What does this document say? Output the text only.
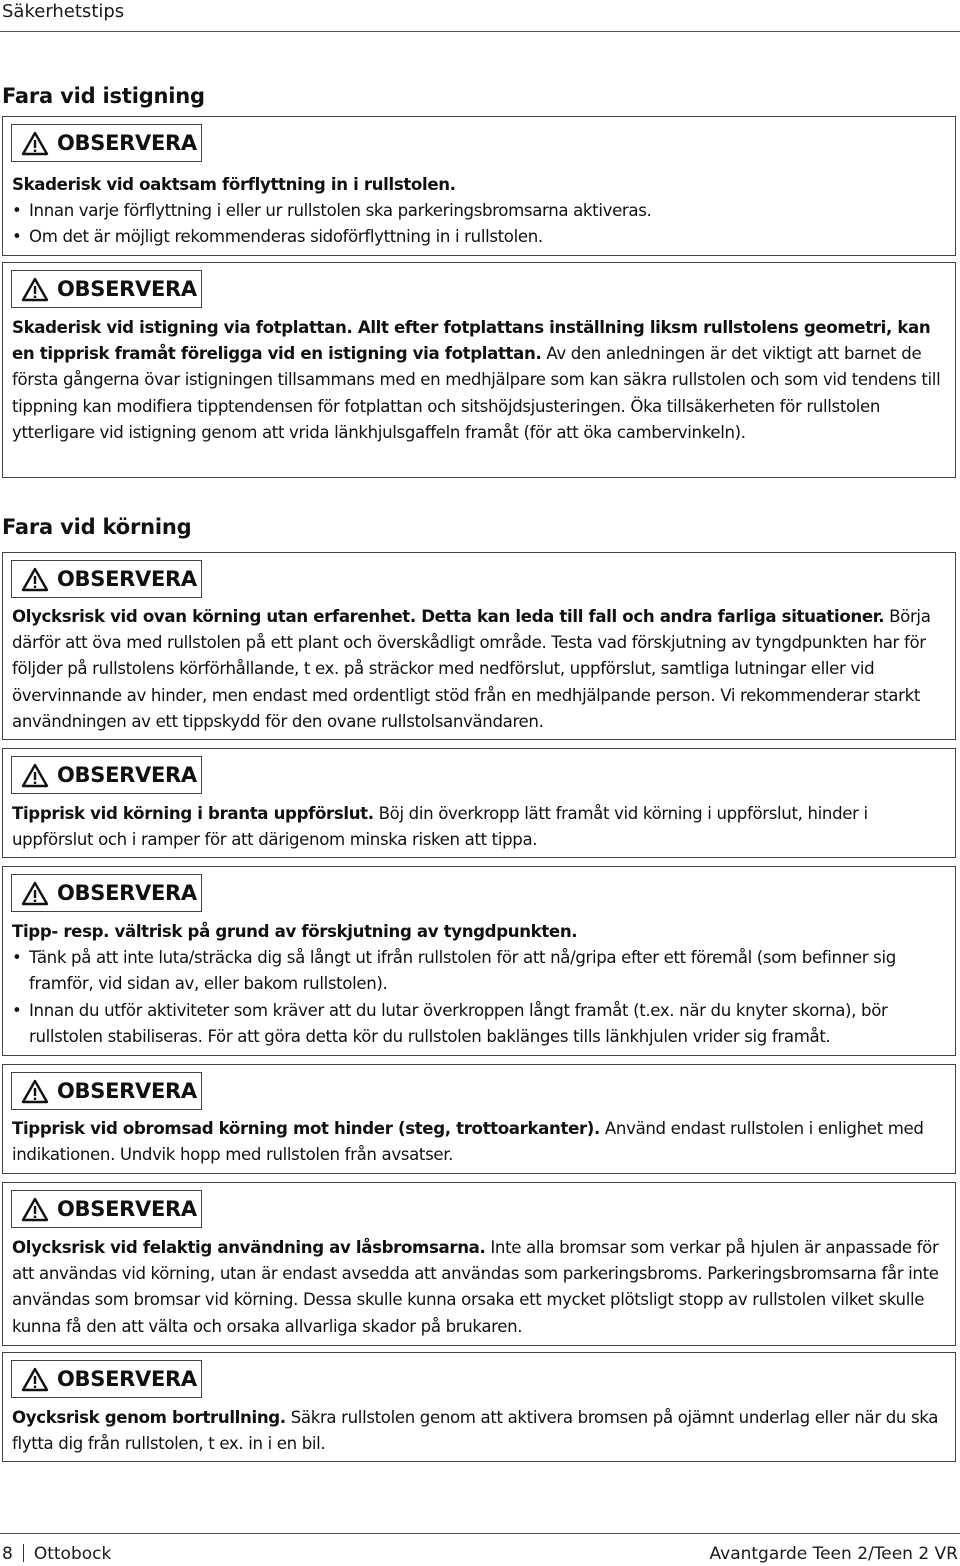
Säkerhetstips
Fara vid istigning
OBSERVERA

Skaderisk vid oaktsam förflyttning in i rullstolen.

• Innan varje förflyttning i eller ur rullstolen ska parkeringsbromsarna aktiveras.

• Om det är möjligt rekommenderas sidoförflyttning in i rullstolen.

OBSERVERA

Skaderisk vid istigning via fotplattan. Allt efter fotplattans inställning liksm rullstolens geometri, kan en tipprisk framåt föreligga vid en istigning via fotplattan. Av den anledningen är det viktigt att barnet de första gångerna övar istigningen tillsammans med en medhjälpare som kan säkra rullstolen och som vid tendens till tippning kan modifiera tipptendensen för fotplattan och sitshöjdsjusteringen. Öka tillsäkerheten för rullstolen ytterligare vid istigning genom att vrida länkhjulsgaffeln framåt (för att öka cambervinkeln).

Fara vid körning
OBSERVERA

Olycksrisk vid ovan körning utan erfarenhet. Detta kan leda till fall och andra farliga situationer. Börja därför att öva med rullstolen på ett plant och överskådligt område. Testa vad förskjutning av tyngdpunkten har för följder på rullstolens körförhållande, t ex. på sträckor med nedförslut, uppförslut, samtliga lutningar eller vid övervinnande av hinder, men endast med ordentligt stöd från en medhjälpande person. Vi rekommenderar starkt användningen av ett tippskydd för den ovane rullstolsanvändaren.

OBSERVERA

Tipprisk vid körning i branta uppförslut. Böj din överkropp lätt framåt vid körning i uppförslut, hinder i uppförslut och i ramper för att därigenom minska risken att tippa.

OBSERVERA

Tipp- resp. vältrisk på grund av förskjutning av tyngdpunkten.

• Tänk på att inte luta/sträcka dig så långt ut ifrån rullstolen för att nå/gripa efter ett föremål (som befinner sig framför, vid sidan av, eller bakom rullstolen).

• Innan du utför aktiviteter som kräver att du lutar överkroppen långt framåt (t.ex. när du knyter skorna), bör rullstolen stabiliseras. För att göra detta kör du rullstolen baklänges tills länkhjulen vrider sig framåt.

OBSERVERA

Tipprisk vid obromsad körning mot hinder (steg, trottoarkanter). Använd endast rullstolen i enlighet med indikationen. Undvik hopp med rullstolen från avsatser.

OBSERVERA

Olycksrisk vid felaktig användning av låsbromsarna. Inte alla bromsar som verkar på hjulen är anpassade för att användas vid körning, utan är endast avsedda att användas som parkeringsbroms. Parkeringsbromsarna får inte användas som bromsar vid körning. Dessa skulle kunna orsaka ett mycket plötsligt stopp av rullstolen vilket skulle kunna få den att välta och orsaka allvarliga skador på brukaren.

OBSERVERA

Oycksrisk genom bortrullning. Säkra rullstolen genom att aktivera bromsen på ojämnt underlag eller när du ska flytta dig från rullstolen, t ex. in i en bil.

8 Ottobock	Avantgarde Teen 2/Teen 2 VR
